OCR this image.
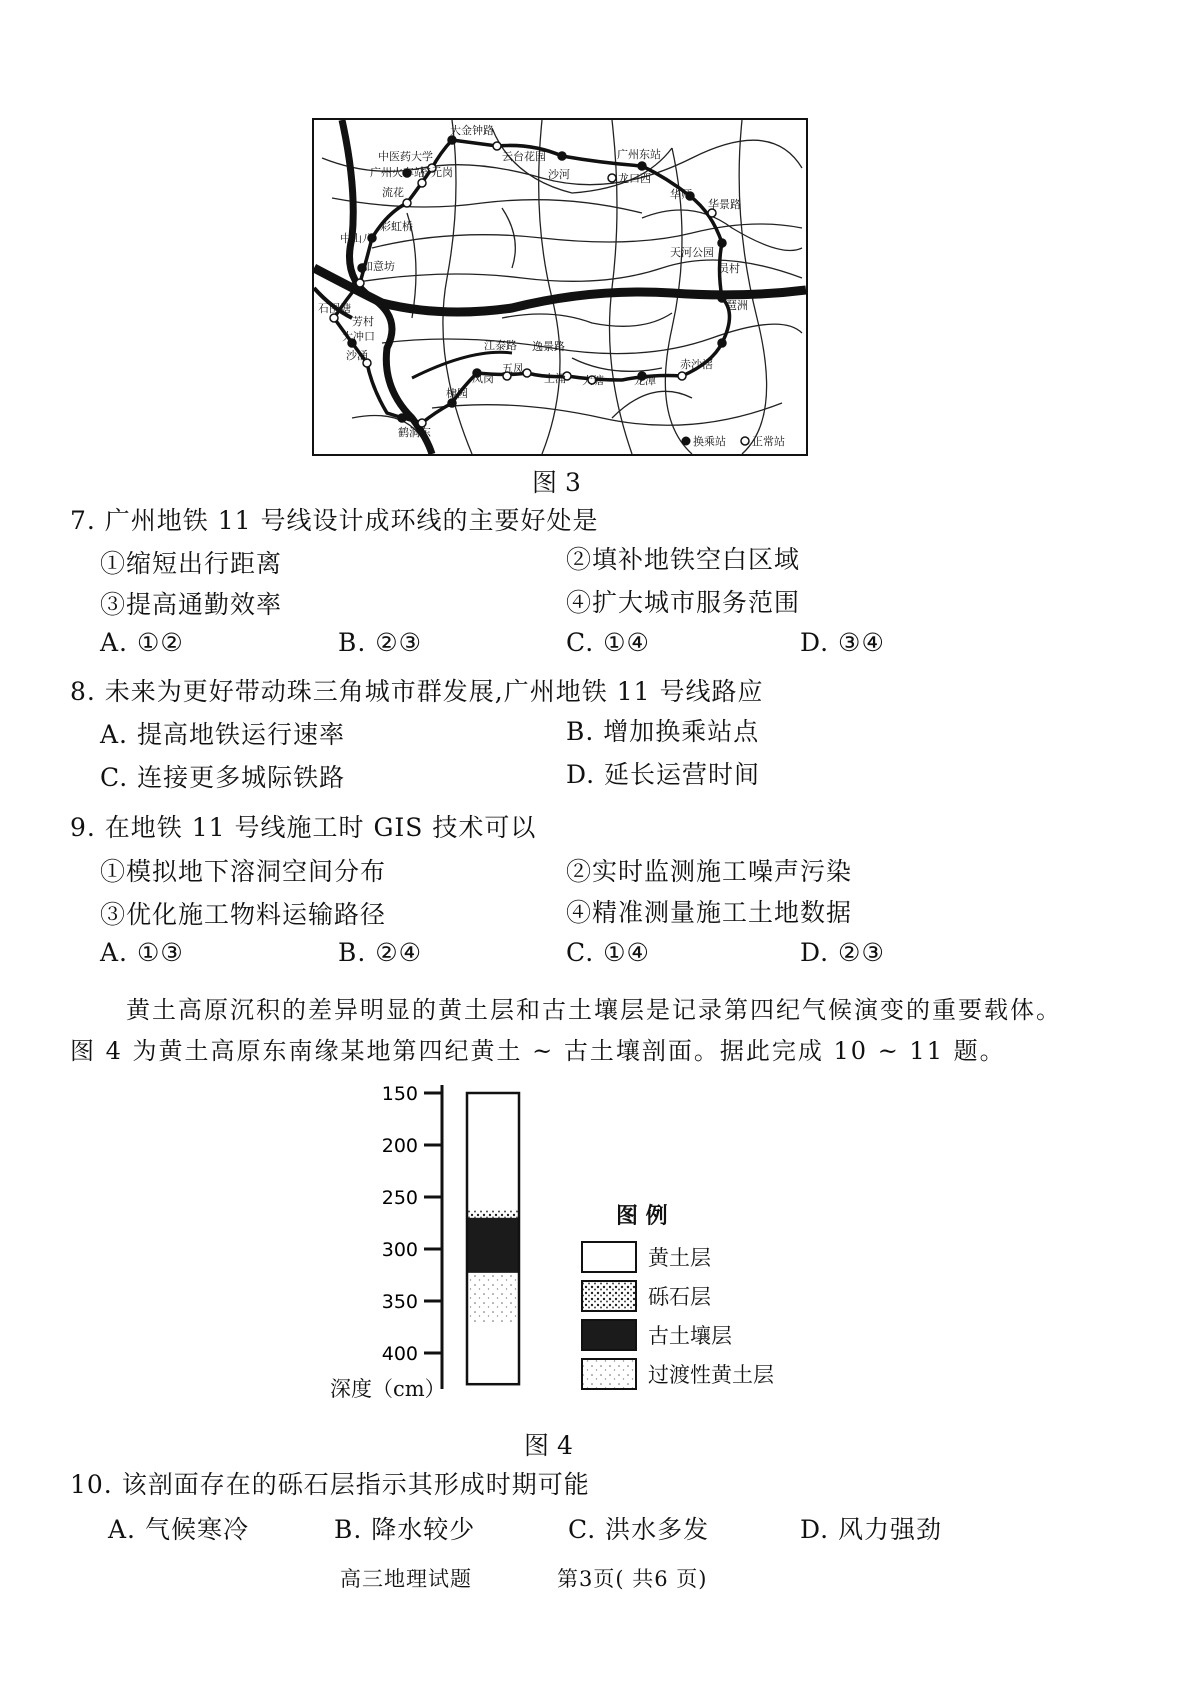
大金钟路
中医药大学	云台花园	广州东站
广州火车站
梓元岗	沙河	龙口西
流花	华师
华景路
彩虹桥
天河公园
中山八
员村
如意坊
琶洲
石围塘
芳村
大冲口
沙涌
江泰路 逸景路
赤沙滘
凤岗
五凤
上涌 大塘	龙潭
棣园
鹤洞东
换乘站 正常站
图 3
7. 广州地铁 11 号线设计成环线的主要好处是
①缩短出行距离	②填补地铁空白区域
③提高通勤效率	④扩大城市服务范围
A. ①②	B. ②③	C. ①④	D. ③④
8. 未来为更好带动珠三角城市群发展,广州地铁 11 号线路应
A. 提高地铁运行速率	B. 增加换乘站点
C. 连接更多城际铁路	D. 延长运营时间
9. 在地铁 11 号线施工时 GIS 技术可以
①模拟地下溶洞空间分布	②实时监测施工噪声污染
③优化施工物料运输路径	④精准测量施工土地数据
A. ①③	B. ②④	C. ①④	D. ②③
黄土高原沉积的差异明显的黄土层和古土壤层是记录第四纪气候演变的重要载体。
图 4 为黄土高原东南缘某地第四纪黄土 ~ 古土壤剖面。据此完成 10 ~ 11 题。
150
200
250
300
350
400
深度（cm）
图 例
黄土层
砾石层
古土壤层
过渡性黄土层
图 4
10. 该剖面存在的砾石层指示其形成时期可能
A. 气候寒冷	B. 降水较少	C. 洪水多发	D. 风力强劲
高三地理试题	第3页( 共6 页)
